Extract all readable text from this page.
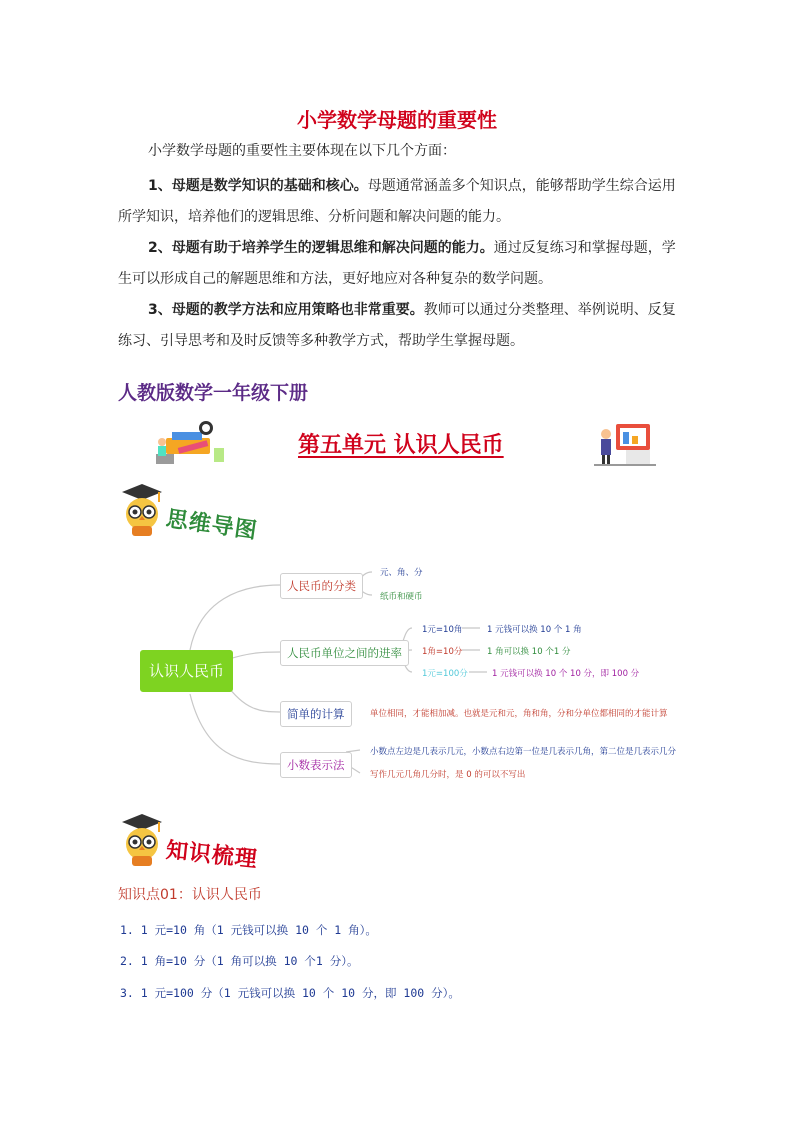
小学数学母题的重要性
小学数学母题的重要性主要体现在以下几个方面：
1、母题是数学知识的基础和核心。母题通常涵盖多个知识点，能够帮助学生综合运用
所学知识，培养他们的逻辑思维、分析问题和解决问题的能力。
2、母题有助于培养学生的逻辑思维和解决问题的能力。通过反复练习和掌握母题，学
生可以形成自己的解题思维和方法，更好地应对各种复杂的数学问题。
3、母题的教学方法和应用策略也非常重要。教师可以通过分类整理、举例说明、反复
练习、引导思考和及时反馈等多种教学方式，帮助学生掌握母题。
人教版数学一年级下册
第五单元 认识人民币
思维导图
认识人民币
人民币的分类
元、角、分
纸币和硬币
人民币单位之间的进率
1元=10角	1 元钱可以换 10 个 1 角
1角=10分	1 角可以换 10 个1 分
1元=100分	1 元钱可以换 10 个 10 分，即 100 分
简单的计算	单位相同，才能相加减。也就是元和元，角和角，分和分单位都相同的才能计算
小数表示法
小数点左边是几表示几元，小数点右边第一位是几表示几角，第二位是几表示几分
写作几元几角几分时，是 0 的可以不写出
知识梳理
知识点01：认识人民币
1. 1 元=10 角（1 元钱可以换 10 个 1 角）。
2. 1 角=10 分（1 角可以换 10 个1 分）。
3. 1 元=100 分（1 元钱可以换 10 个 10 分，即 100 分）。
